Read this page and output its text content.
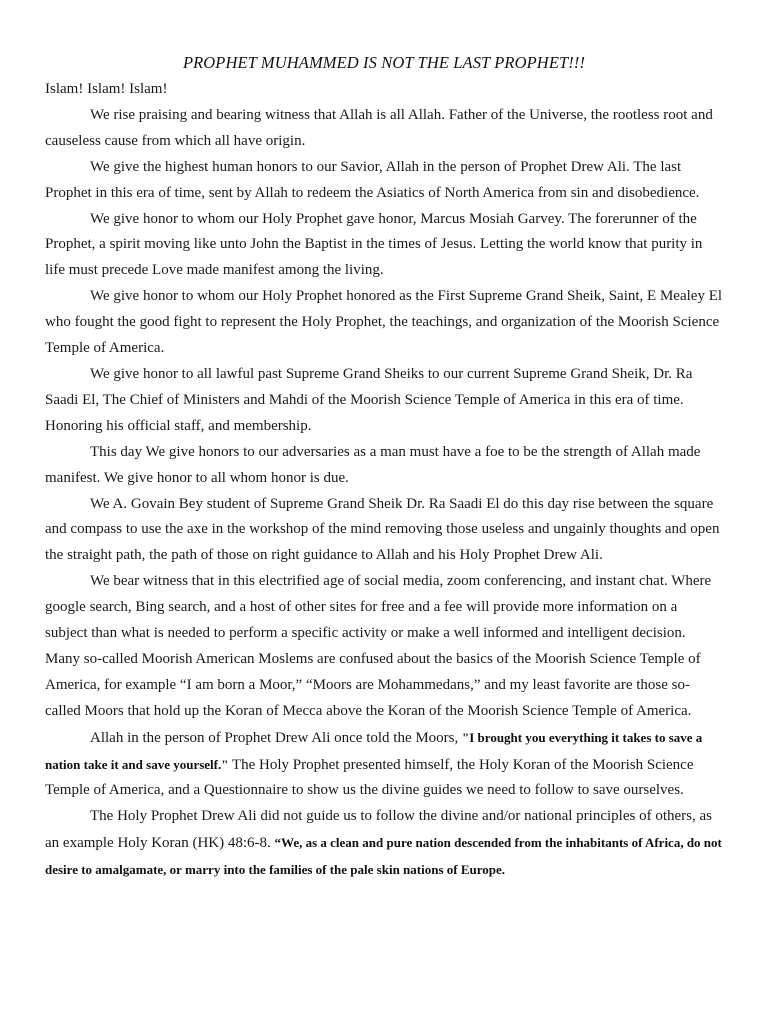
PROPHET MUHAMMED IS NOT THE LAST PROPHET!!!

Islam! Islam! Islam!

We rise praising and bearing witness that Allah is all Allah. Father of the Universe, the rootless root and causeless cause from which all have origin.

We give the highest human honors to our Savior, Allah in the person of Prophet Drew Ali. The last Prophet in this era of time, sent by Allah to redeem the Asiatics of North America from sin and disobedience.

We give honor to whom our Holy Prophet gave honor, Marcus Mosiah Garvey. The forerunner of the Prophet, a spirit moving like unto John the Baptist in the times of Jesus. Letting the world know that purity in life must precede Love made manifest among the living.

We give honor to whom our Holy Prophet honored as the First Supreme Grand Sheik, Saint, E Mealey El who fought the good fight to represent the Holy Prophet, the teachings, and organization of the Moorish Science Temple of America.

We give honor to all lawful past Supreme Grand Sheiks to our current Supreme Grand Sheik, Dr. Ra Saadi El, The Chief of Ministers and Mahdi of the Moorish Science Temple of America in this era of time. Honoring his official staff, and membership.

This day We give honors to our adversaries as a man must have a foe to be the strength of Allah made manifest. We give honor to all whom honor is due.

We A. Govain Bey student of Supreme Grand Sheik Dr. Ra Saadi El do this day rise between the square and compass to use the axe in the workshop of the mind removing those useless and ungainly thoughts and open the straight path, the path of those on right guidance to Allah and his Holy Prophet Drew Ali.

We bear witness that in this electrified age of social media, zoom conferencing, and instant chat. Where google search, Bing search, and a host of other sites for free and a fee will provide more information on a subject than what is needed to perform a specific activity or make a well informed and intelligent decision. Many so-called Moorish American Moslems are confused about the basics of the Moorish Science Temple of America, for example “I am born a Moor,” “Moors are Mohammedans,” and my least favorite are those so-called Moors that hold up the Koran of Mecca above the Koran of the Moorish Science Temple of America.

Allah in the person of Prophet Drew Ali once told the Moors, "I brought you everything it takes to save a nation take it and save yourself." The Holy Prophet presented himself, the Holy Koran of the Moorish Science Temple of America, and a Questionnaire to show us the divine guides we need to follow to save ourselves.

The Holy Prophet Drew Ali did not guide us to follow the divine and/or national principles of others, as an example Holy Koran (HK) 48:6-8. “We, as a clean and pure nation descended from the inhabitants of Africa, do not desire to amalgamate, or marry into the families of the pale skin nations of Europe.
